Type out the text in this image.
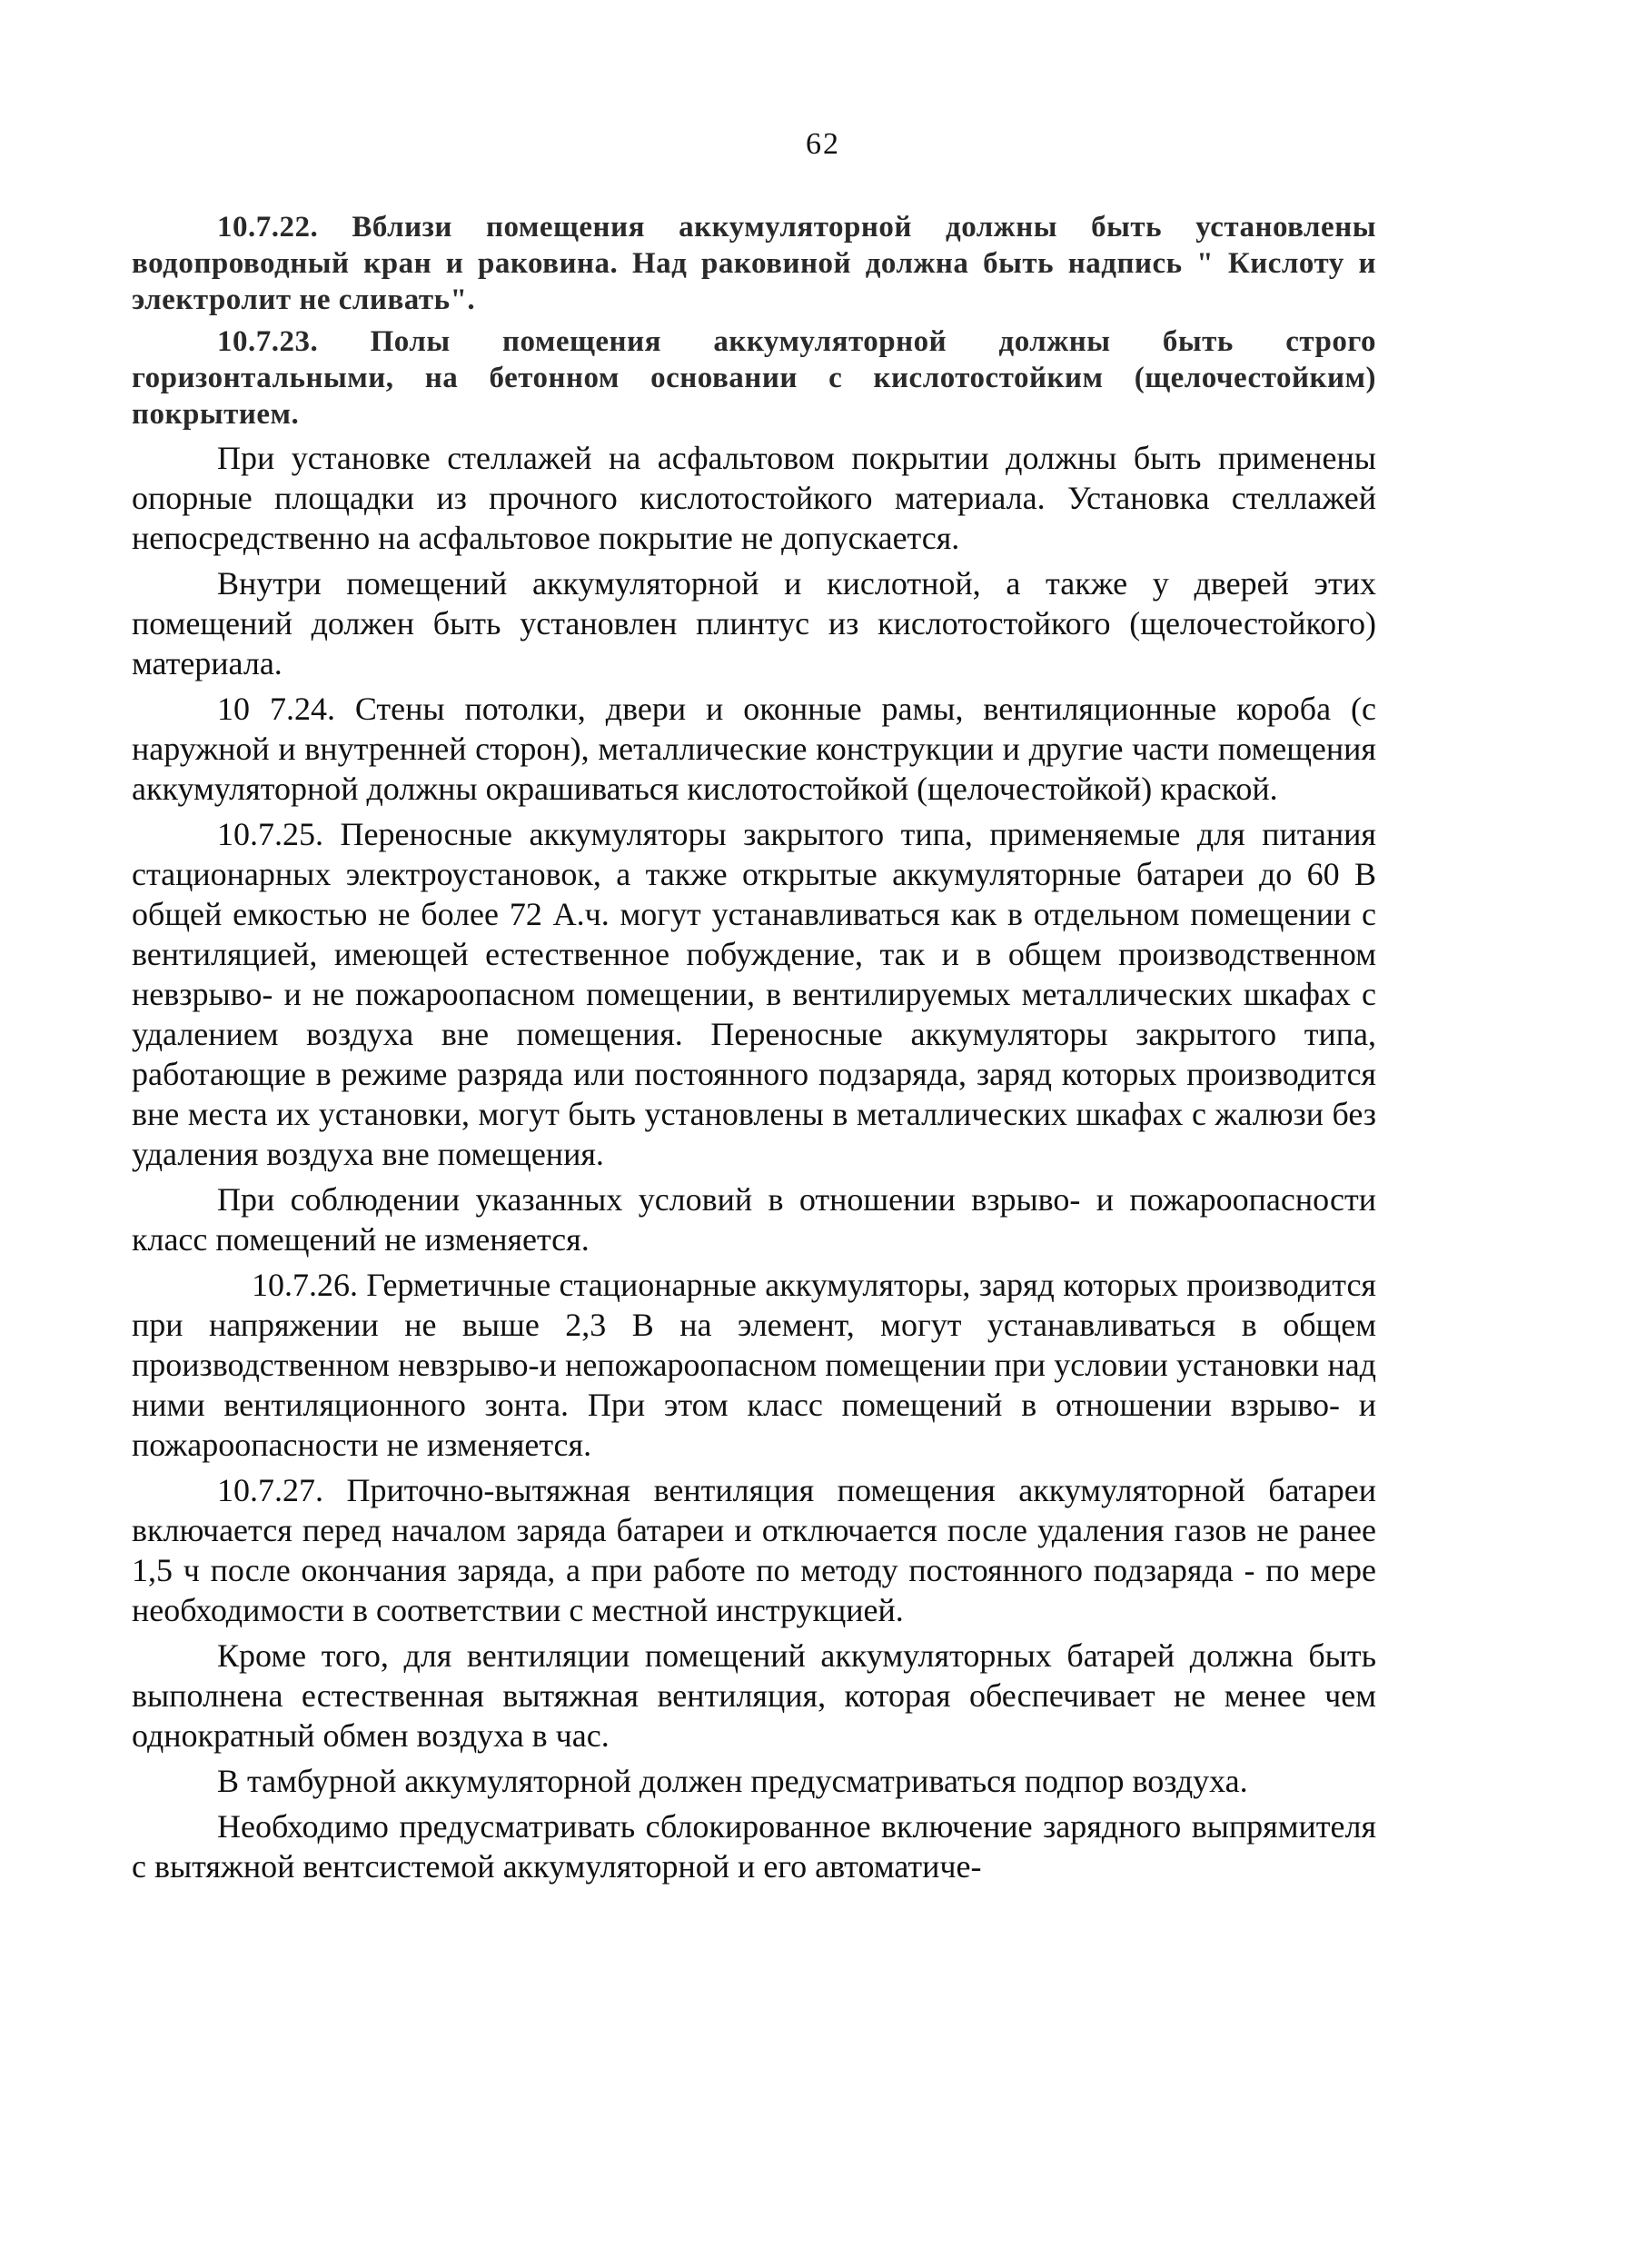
62

10.7.22. Вблизи помещения аккумуляторной должны быть установлены водопроводный кран и раковина. Над раковиной должна быть надпись " Кислоту и электролит не сливать".

10.7.23. Полы помещения аккумуляторной должны быть строго горизонтальными, на бетонном основании с кислотостойким (щелочестойким) покрытием.

При установке стеллажей на асфальтовом покрытии должны быть применены опорные площадки из прочного кислотостойкого материала. Установка стеллажей непосредственно на асфальтовое покрытие не допускается.

Внутри помещений аккумуляторной и кислотной, а также у дверей этих помещений должен быть установлен плинтус из кислотостойкого (щелочестойкого) материала.

10 7.24. Стены потолки, двери и оконные рамы, вентиляционные короба (с наружной и внутренней сторон), металлические конструкции и другие части помещения аккумуляторной должны окрашиваться кислотостойкой (щелочестойкой) краской.

10.7.25. Переносные аккумуляторы закрытого типа, применяемые для питания стационарных электроустановок, а также открытые аккумуляторные батареи до 60 В общей емкостью не более 72 А.ч. могут устанавливаться как в отдельном помещении с вентиляцией, имеющей естественное побуждение, так и в общем производственном невзрыво- и не пожароопасном помещении, в вентилируемых металлических шкафах с удалением воздуха вне помещения. Переносные аккумуляторы закрытого типа, работающие в режиме разряда или постоянного подзаряда, заряд которых производится вне места их установки, могут быть установлены в металлических шкафах с жалюзи без удаления воздуха вне помещения.

При соблюдении указанных условий в отношении взрыво- и пожароопасности класс помещений не изменяется.

10.7.26. Герметичные стационарные аккумуляторы, заряд которых производится при напряжении не выше 2,3 В на элемент, могут устанавливаться в общем производственном невзрыво-и непожароопасном помещении при условии установки над ними вентиляционного зонта. При этом класс помещений в отношении взрыво- и пожароопасности не изменяется.

10.7.27. Приточно-вытяжная вентиляция помещения аккумуляторной батареи включается перед началом заряда батареи и отключается после удаления газов не ранее 1,5 ч после окончания заряда, а при работе по методу постоянного подзаряда - по мере необходимости в соответствии с местной инструкцией.

Кроме того, для вентиляции помещений аккумуляторных батарей должна быть выполнена естественная вытяжная вентиляция, которая обеспечивает не менее чем однократный обмен воздуха в час.

В тамбурной аккумуляторной должен предусматриваться подпор воздуха.

Необходимо предусматривать сблокированное включение зарядного выпрямителя с вытяжной вентсистемой аккумуляторной и его автоматиче-
